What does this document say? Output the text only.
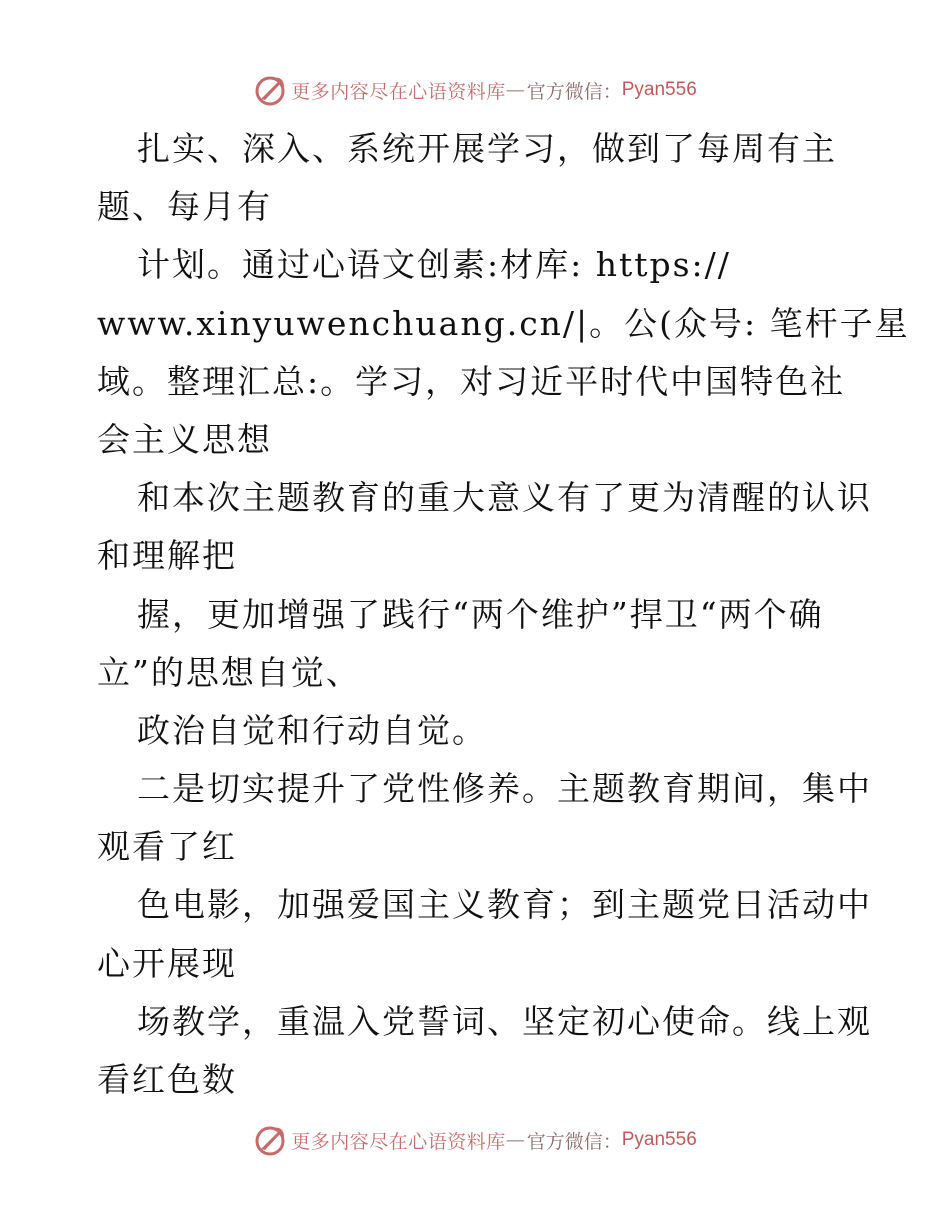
更多内容尽在心语资料库 — 官方微信： Pyan556
扎实、深入、系统开展学习，做到了每周有主
题、每月有
计划。通过心语文创素:材库: https://
www.xinyuwenchuang.cn/|。公(众号: 笔杆子星
域。整理汇总:。学习，对习近平时代中国特色社
会主义思想
和本次主题教育的重大意义有了更为清醒的认识
和理解把
握，更加增强了践行“两个维护”捍卫“两个确
立”的思想自觉、
政治自觉和行动自觉。
二是切实提升了党性修养。主题教育期间，集中
观看了红
色电影，加强爱国主义教育；到主题党日活动中
心开展现
场教学，重温入党誓词、坚定初心使命。线上观
看红色数
更多内容尽在心语资料库 — 官方微信： Pyan556
